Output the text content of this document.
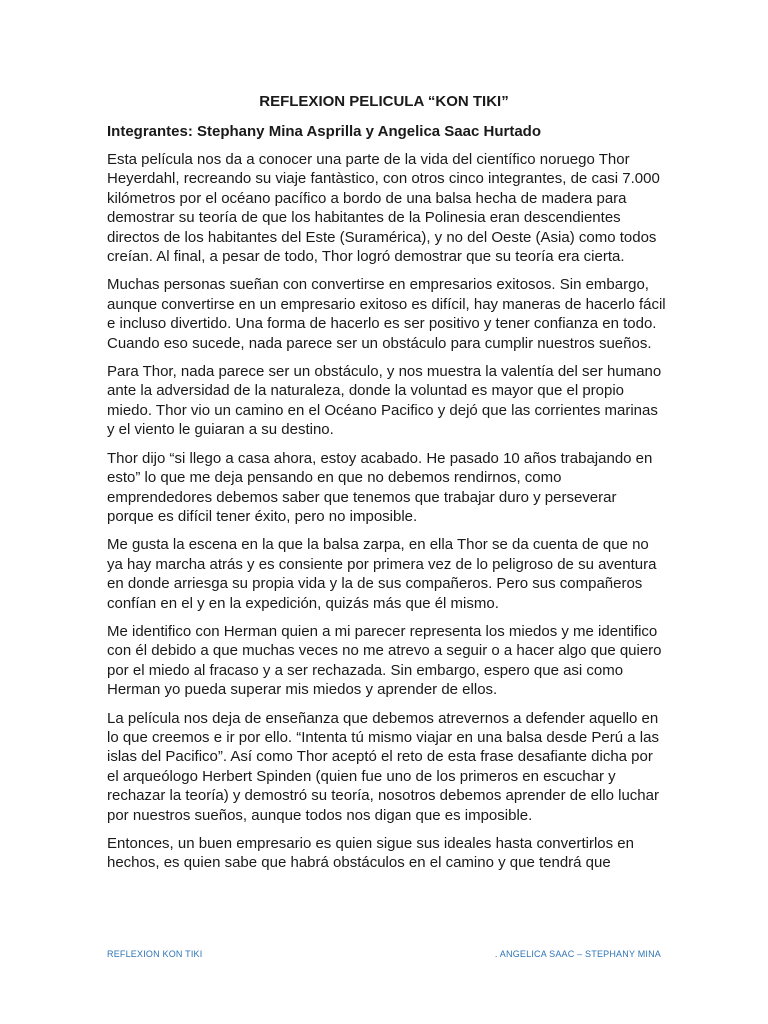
REFLEXION PELICULA “KON TIKI”
Integrantes: Stephany Mina Asprilla y Angelica Saac Hurtado

Esta película nos da a conocer una parte de la vida del científico noruego Thor Heyerdahl, recreando su viaje fantàstico, con otros cinco integrantes, de casi 7.000 kilómetros por el océano pacífico a bordo de una balsa hecha de madera para demostrar su teoría de que los habitantes de la Polinesia eran descendientes directos de los habitantes del Este (Suramérica), y no del Oeste (Asia) como todos creían. Al final, a pesar de todo, Thor logró demostrar que su teoría era cierta.

Muchas personas sueñan con convertirse en empresarios exitosos. Sin embargo, aunque convertirse en un empresario exitoso es difícil, hay maneras de hacerlo fácil e incluso divertido. Una forma de hacerlo es ser positivo y tener confianza en todo. Cuando eso sucede, nada parece ser un obstáculo para cumplir nuestros sueños.

Para Thor, nada parece ser un obstáculo, y nos muestra la valentía del ser humano ante la adversidad de la naturaleza, donde la voluntad es mayor que el propio miedo. Thor vio un camino en el Océano Pacifico y dejó que las corrientes marinas y el viento le guiaran a su destino.

Thor dijo “si llego a casa ahora, estoy acabado. He pasado 10 años trabajando en esto” lo que me deja pensando en que no debemos rendirnos, como emprendedores debemos saber que tenemos que trabajar duro y perseverar porque es difícil tener éxito, pero no imposible.

Me gusta la escena en la que la balsa zarpa, en ella Thor se da cuenta de que no ya hay marcha atrás y es consiente por primera vez de lo peligroso de su aventura en donde arriesga su propia vida y la de sus compañeros. Pero sus compañeros confían en el y en la expedición, quizás más que él mismo.

Me identifico con Herman quien a mi parecer representa los miedos y me identifico con él debido a que muchas veces no me atrevo a seguir o a hacer algo que quiero por el miedo al fracaso y a ser rechazada. Sin embargo, espero que asi como Herman yo pueda superar mis miedos y aprender de ellos.

La película nos deja de enseñanza que debemos atrevernos a defender aquello en lo que creemos e ir por ello. “Intenta tú mismo viajar en una balsa desde Perú a las islas del Pacifico”. Así como Thor aceptó el reto de esta frase desafiante dicha por el arqueólogo Herbert Spinden (quien fue uno de los primeros en escuchar y rechazar la teoría) y demostró su teoría, nosotros debemos aprender de ello luchar por nuestros sueños, aunque todos nos digan que es imposible.

Entonces, un buen empresario es quien sigue sus ideales hasta convertirlos en hechos, es quien sabe que habrá obstáculos en el camino y que tendrá que

REFLEXION KON TIKI	. ANGELICA SAAC – STEPHANY MINA
